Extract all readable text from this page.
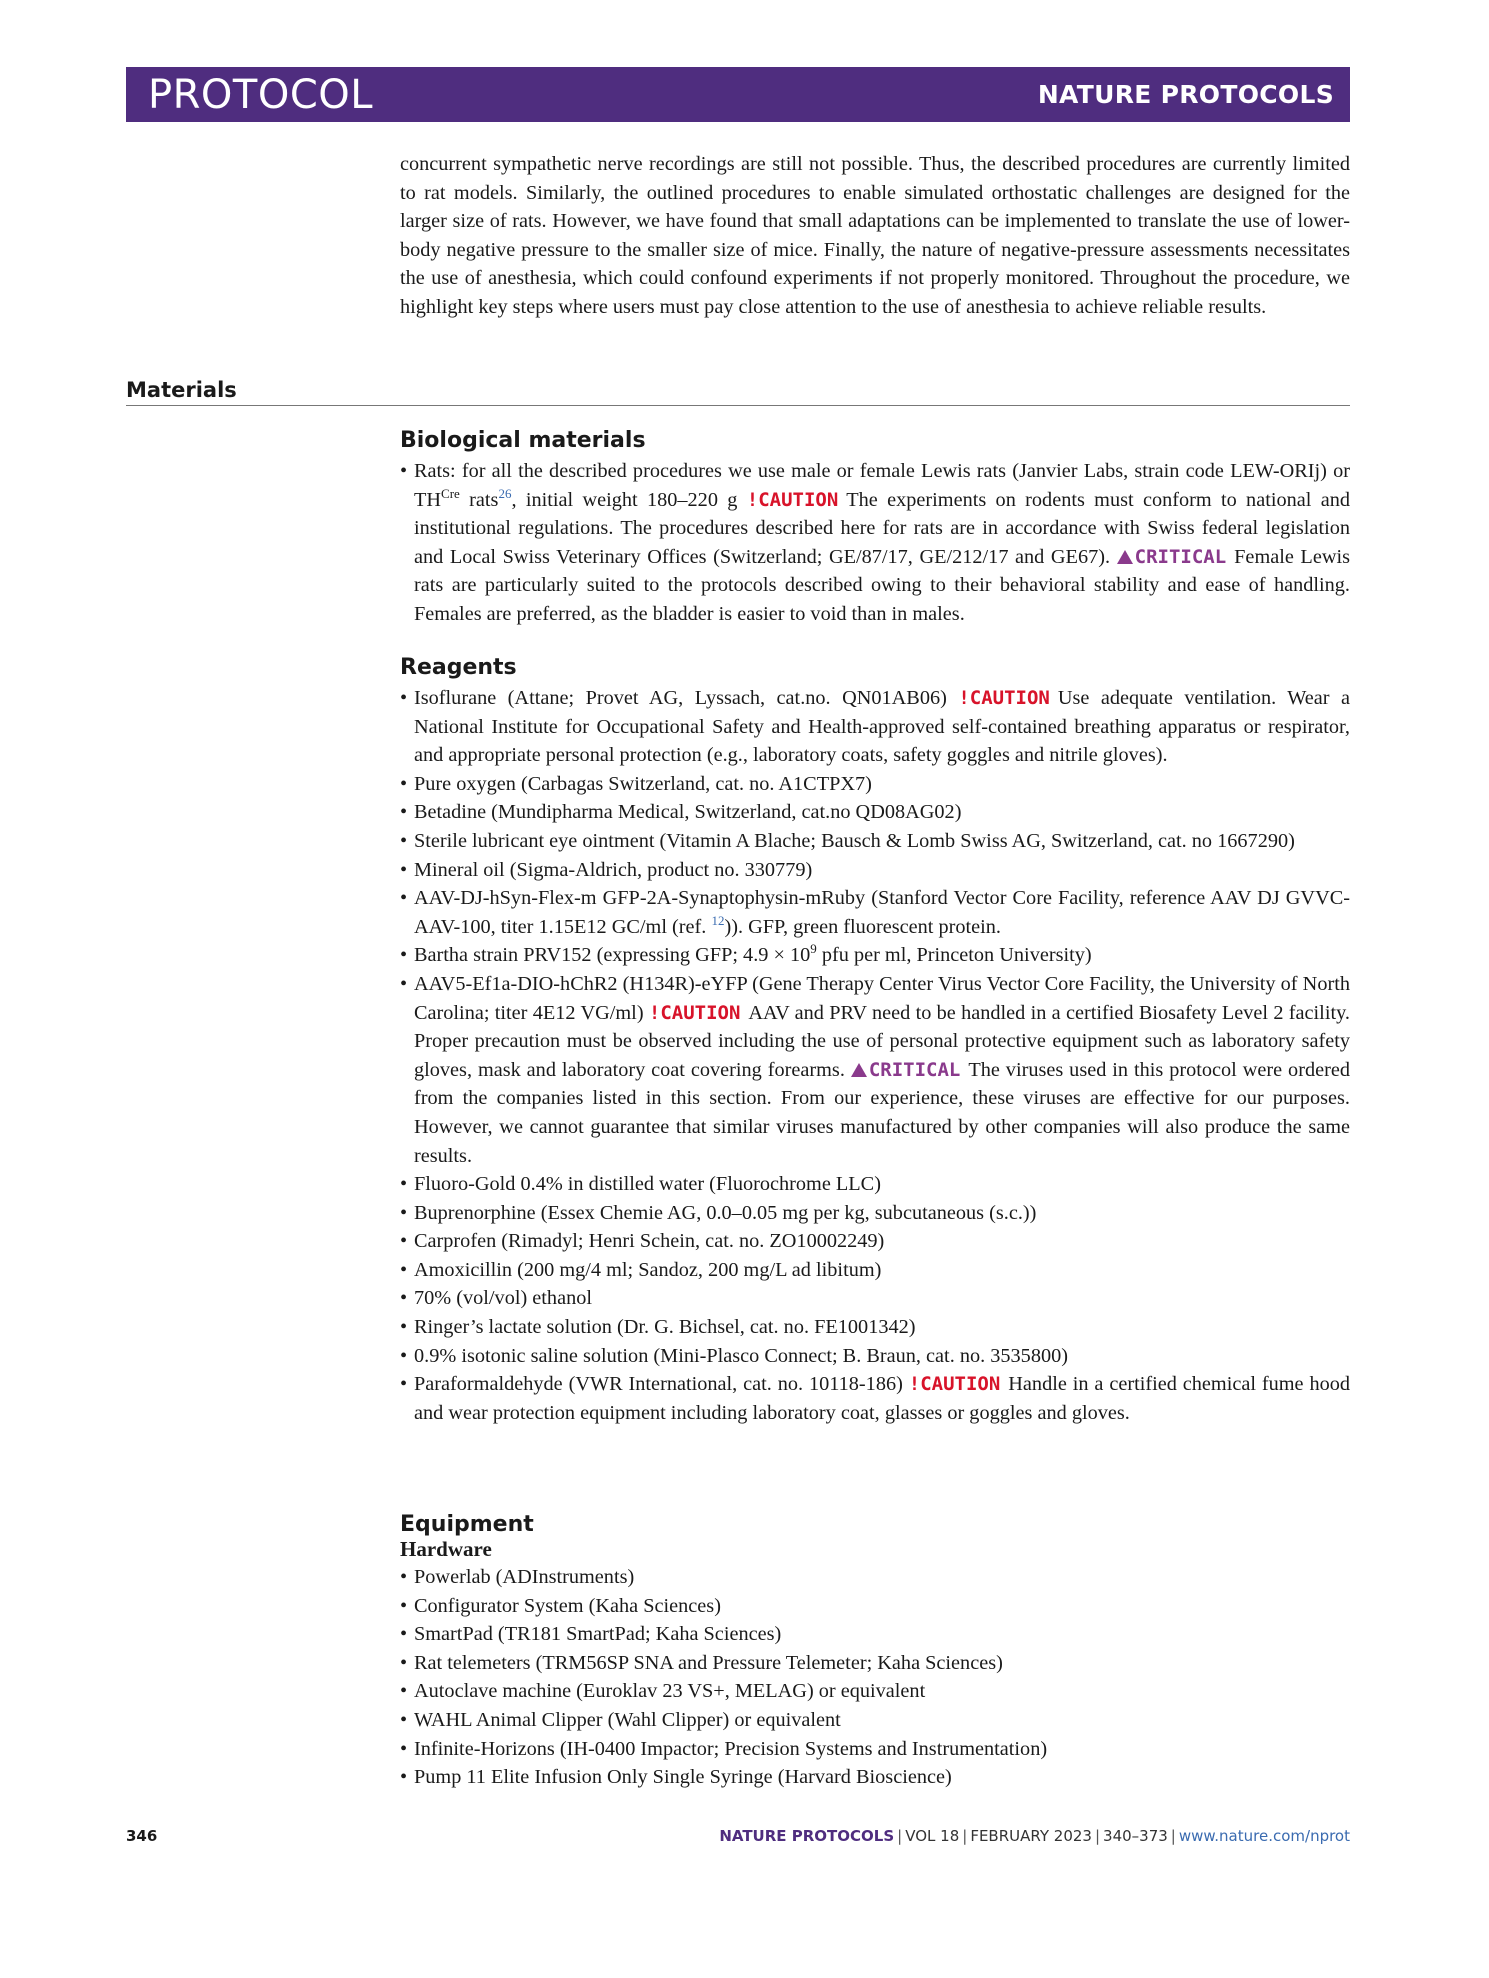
PROTOCOL	NATURE PROTOCOLS

concurrent sympathetic nerve recordings are still not possible. Thus, the described procedures are currently limited to rat models. Similarly, the outlined procedures to enable simulated orthostatic challenges are designed for the larger size of rats. However, we have found that small adaptations can be implemented to translate the use of lower-body negative pressure to the smaller size of mice. Finally, the nature of negative-pressure assessments necessitates the use of anesthesia, which could confound experiments if not properly monitored. Throughout the procedure, we highlight key steps where users must pay close attention to the use of anesthesia to achieve reliable results.

Materials
Biological materials
• Rats: for all the described procedures we use male or female Lewis rats (Janvier Labs, strain code LEW-ORIj) or $TH^{Cre}$ rats$^{26}$, initial weight 180–220 g !CAUTION The experiments on rodents must conform to national and institutional regulations. The procedures described here for rats are in accordance with Swiss federal legislation and Local Swiss Veterinary Offices (Switzerland; GE/87/17, GE/212/17 and GE67). CRITICAL Female Lewis rats are particularly suited to the protocols described owing to their behavioral stability and ease of handling. Females are preferred, as the bladder is easier to void than in males.
Reagents
• Isoflurane (Attane; Provet AG, Lyssach, cat.no. QN01AB06) !CAUTION Use adequate ventilation. Wear a National Institute for Occupational Safety and Health-approved self-contained breathing apparatus or respirator, and appropriate personal protection (e.g., laboratory coats, safety goggles and nitrile gloves).
• Pure oxygen (Carbagas Switzerland, cat. no. A1CTPX7)
• Betadine (Mundipharma Medical, Switzerland, cat.no QD08AG02)
• Sterile lubricant eye ointment (Vitamin A Blache; Bausch & Lomb Swiss AG, Switzerland, cat. no 1667290)
• Mineral oil (Sigma-Aldrich, product no. 330779)
• AAV-DJ-hSyn-Flex-m GFP-2A-Synaptophysin-mRuby (Stanford Vector Core Facility, reference AAV DJ GVVC-AAV-100, titer 1.15E12 GC/ml (ref. $^{12}$)). GFP, green fluorescent protein.
• Bartha strain PRV152 (expressing GFP; $4.9 \times 10^9$ pfu per ml, Princeton University)
• AAV5-Ef1a-DIO-hChR2 (H134R)-eYFP (Gene Therapy Center Virus Vector Core Facility, the University of North Carolina; titer 4E12 VG/ml) !CAUTION AAV and PRV need to be handled in a certified Biosafety Level 2 facility. Proper precaution must be observed including the use of personal protective equipment such as laboratory safety gloves, mask and laboratory coat covering forearms. CRITICAL The viruses used in this protocol were ordered from the companies listed in this section. From our experience, these viruses are effective for our purposes. However, we cannot guarantee that similar viruses manufactured by other companies will also produce the same results.
• Fluoro-Gold 0.4% in distilled water (Fluorochrome LLC)
• Buprenorphine (Essex Chemie AG, 0.0–0.05 mg per kg, subcutaneous (s.c.))
• Carprofen (Rimadyl; Henri Schein, cat. no. ZO10002249)
• Amoxicillin (200 mg/4 ml; Sandoz, 200 mg/L ad libitum)
• 70% (vol/vol) ethanol
• Ringer’s lactate solution (Dr. G. Bichsel, cat. no. FE1001342)
• 0.9% isotonic saline solution (Mini-Plasco Connect; B. Braun, cat. no. 3535800)
• Paraformaldehyde (VWR International, cat. no. 10118-186) !CAUTION Handle in a certified chemical fume hood and wear protection equipment including laboratory coat, glasses or goggles and gloves.
Equipment
Hardware
• Powerlab (ADInstruments)
• Configurator System (Kaha Sciences)
• SmartPad (TR181 SmartPad; Kaha Sciences)
• Rat telemeters (TRM56SP SNA and Pressure Telemeter; Kaha Sciences)
• Autoclave machine (Euroklav 23 VS+, MELAG) or equivalent
• WAHL Animal Clipper (Wahl Clipper) or equivalent
• Infinite-Horizons (IH-0400 Impactor; Precision Systems and Instrumentation)
• Pump 11 Elite Infusion Only Single Syringe (Harvard Bioscience)
346	NATURE PROTOCOLS | VOL 18 | FEBRUARY 2023 | 340–373 | www.nature.com/nprot
